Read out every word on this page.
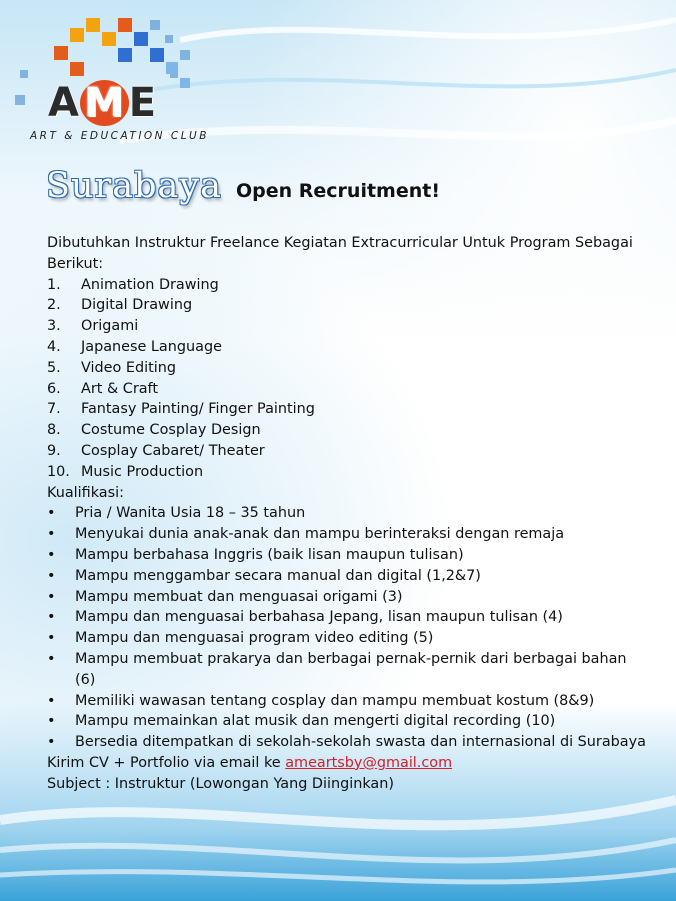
A M E
ART & EDUCATION CLUB
Surabaya Open Recruitment!

Dibutuhkan Instruktur Freelance Kegiatan Extracurricular Untuk Program Sebagai Berikut:

1.	Animation Drawing
2.	Digital Drawing
3.	Origami
4.	Japanese Language
5.	Video Editing
6.	Art & Craft
7.	Fantasy Painting/ Finger Painting
8.	Costume Cosplay Design
9.	Cosplay Cabaret/ Theater
10. Music Production

Kualifikasi:

•	Pria / Wanita Usia 18 – 35 tahun
•	Menyukai dunia anak-anak dan mampu berinteraksi dengan remaja
•	Mampu berbahasa Inggris (baik lisan maupun tulisan)
•	Mampu menggambar secara manual dan digital (1,2&7)
•	Mampu membuat dan menguasai origami (3)
•	Mampu dan menguasai berbahasa Jepang, lisan maupun tulisan (4)
•	Mampu dan menguasai program video editing (5)
•	Mampu membuat prakarya dan berbagai pernak-pernik dari berbagai bahan (6)
•	Memiliki wawasan tentang cosplay dan mampu membuat kostum (8&9)
•	Mampu memainkan alat musik dan mengerti digital recording (10)
•	Bersedia ditempatkan di sekolah-sekolah swasta dan internasional di Surabaya

Kirim CV + Portfolio via email ke ameartsby@gmail.com

Subject : Instruktur (Lowongan Yang Diinginkan)
